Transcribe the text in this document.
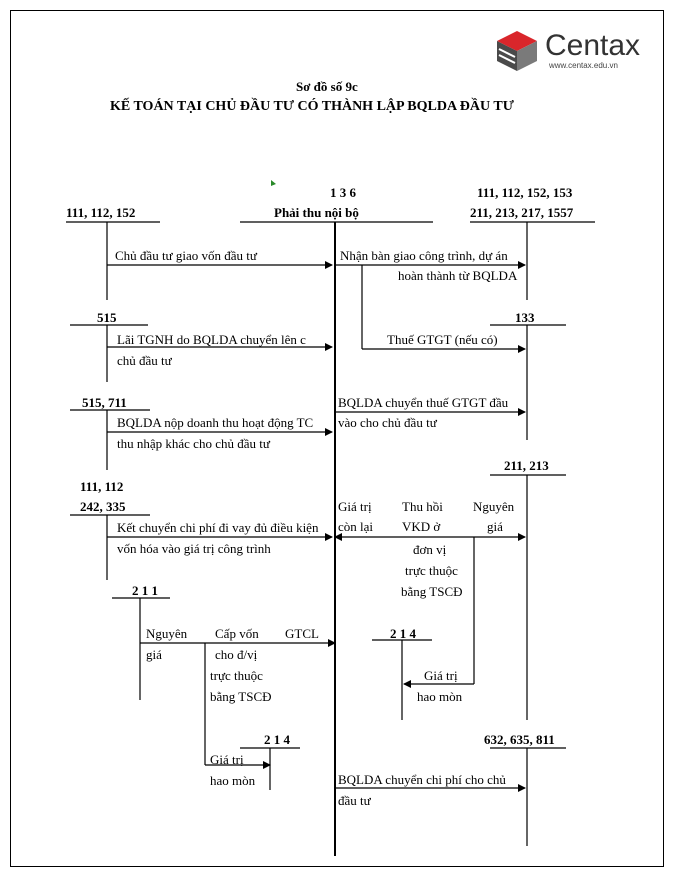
Centax
www.centax.edu.vn
Sơ đồ số 9c
KẾ TOÁN TẠI CHỦ ĐẦU TƯ CÓ THÀNH LẬP BQLDA ĐẦU TƯ
1 3 6
Phải thu nội bộ
111, 112, 152
111, 112, 152, 153
211, 213, 217, 1557
515	133
515, 711
211, 213
111, 112
242, 335
2 1 1
2 1 4
2 1 4	632, 635, 811
Chủ đầu tư giao vốn đầu tư	Nhận bàn giao công trình, dự án
hoàn thành từ BQLDA
Lãi TGNH do BQLDA chuyển lên c
chủ đầu tư
Thuế GTGT (nếu có)
BQLDA chuyển thuế GTGT đầu
vào cho chủ đầu tư
BQLDA nộp doanh thu hoạt động TC
thu nhập khác cho chủ đầu tư
Kết chuyển chi phí đi vay đủ điều kiện
vốn hóa vào giá trị công trình
Giá trị
còn lại
Thu hồi
VKD ở
đơn vị
trực thuộc
bằng TSCĐ
Nguyên
giá
Nguyên
giá
Cấp vốn
cho đ/vị
trực thuộc
bằng TSCĐ
GTCL
Giá trị
hao mòn
Giá trị
hao mòn	BQLDA chuyển chi phí cho chủ
đầu tư
